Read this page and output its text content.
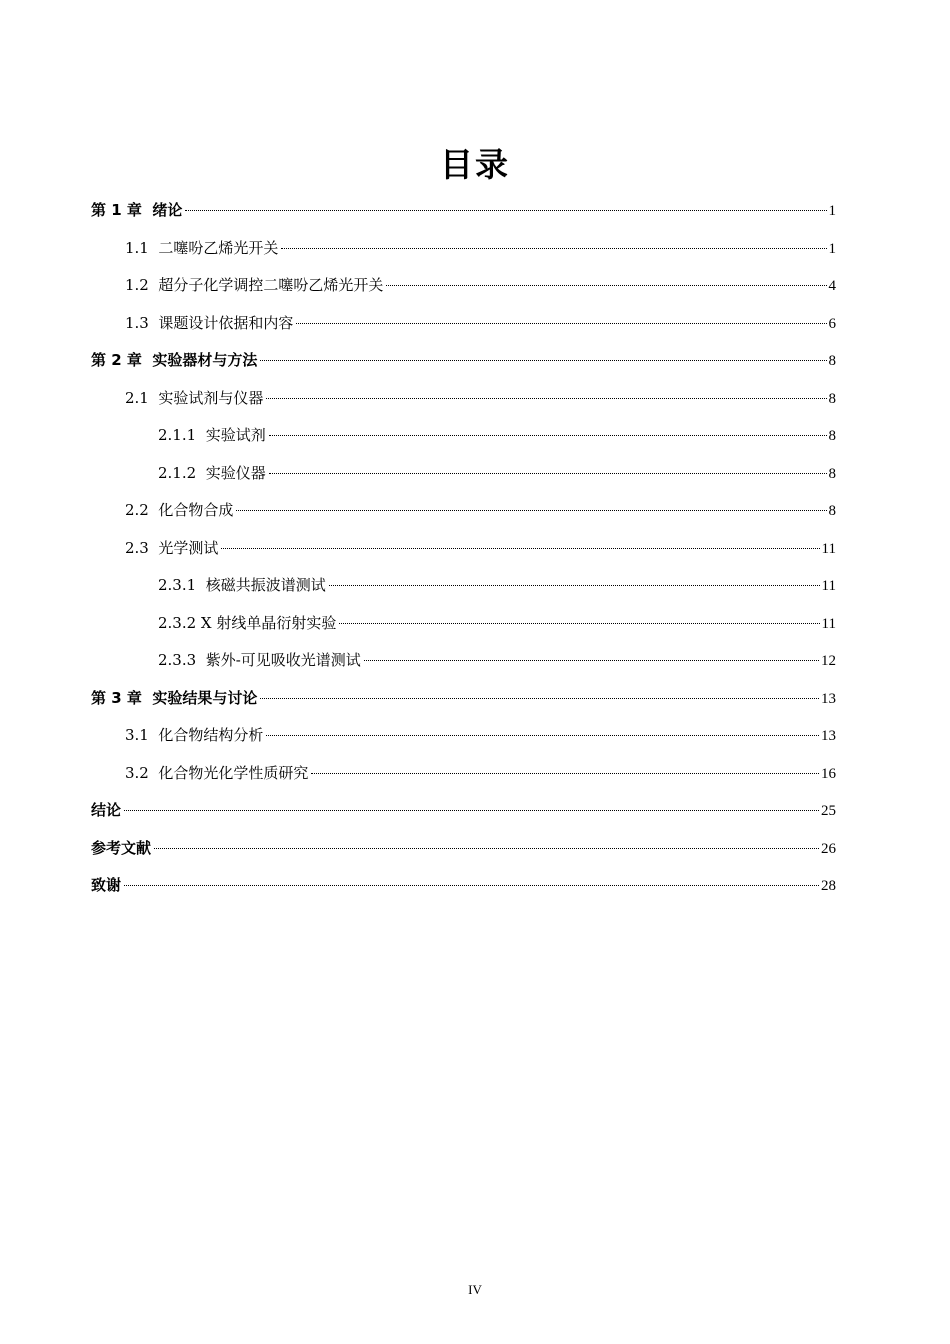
目录
第 1 章  绪论	1
1.1  二噻吩乙烯光开关	1
1.2  超分子化学调控二噻吩乙烯光开关	4
1.3  课题设计依据和内容	6
第 2 章  实验器材与方法	8
2.1  实验试剂与仪器	8
2.1.1  实验试剂	8
2.1.2  实验仪器	8
2.2  化合物合成	8
2.3  光学测试	11
2.3.1  核磁共振波谱测试	11
2.3.2 X 射线单晶衍射实验	11
2.3.3  紫外-可见吸收光谱测试	12
第 3 章  实验结果与讨论	13
3.1  化合物结构分析	13
3.2  化合物光化学性质研究	16
结论	25
参考文献	26
致谢	28
IV
